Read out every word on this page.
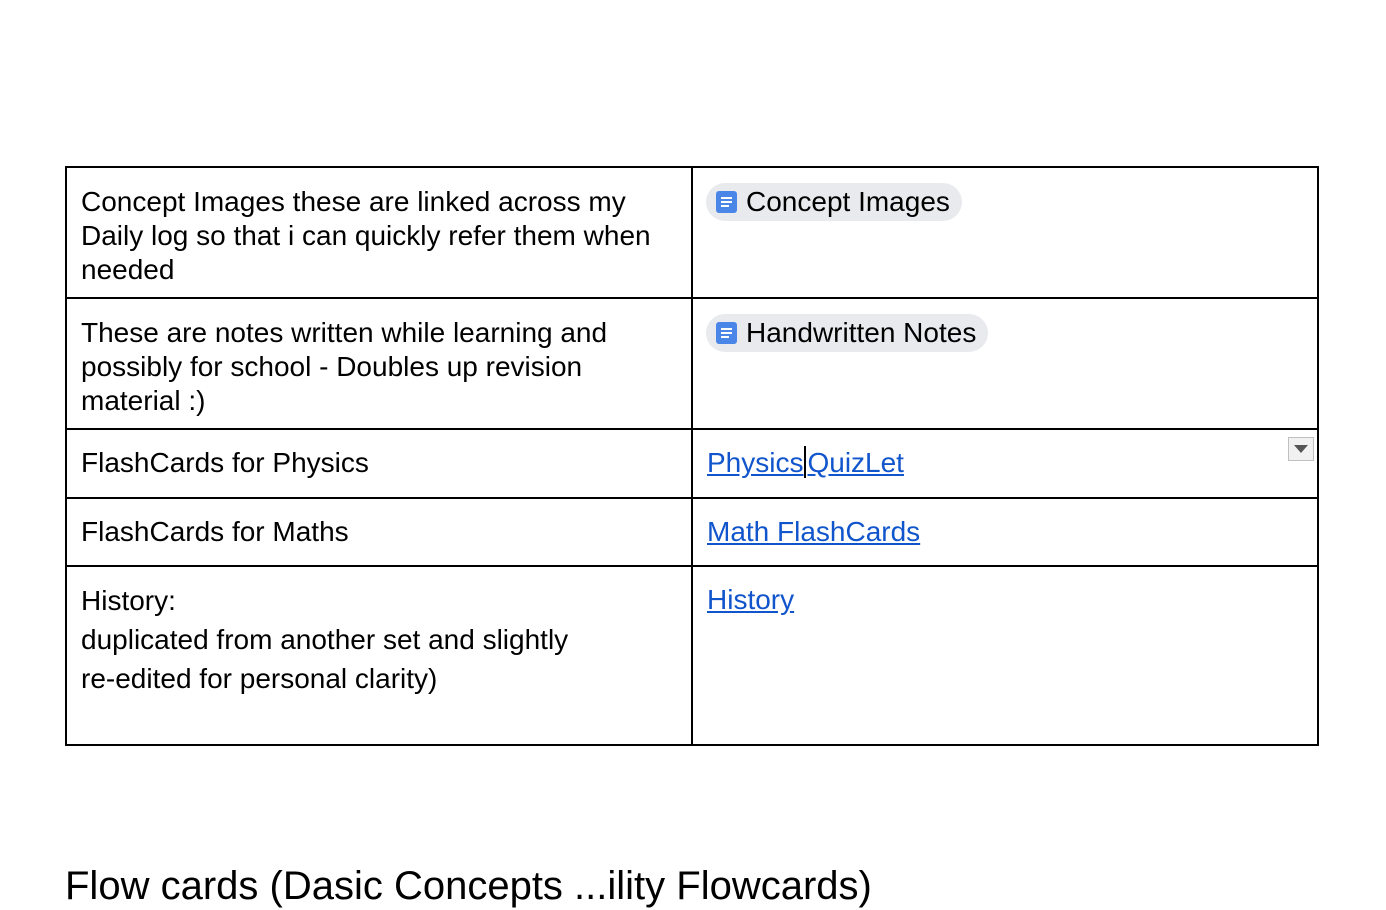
Concept Images these are linked across my Daily log so that i can quickly refer them when needed	Concept Images

These are notes written while learning and possibly for school - Doubles up revision material :)	Handwritten Notes

FlashCards for Physics	Physics QuizLet

FlashCards for Maths	Math FlashCards

History:
duplicated from another set and slightly
re-edited for personal clarity)	History
Flow cards (Dasic Concepts ...ility Flowcards)
